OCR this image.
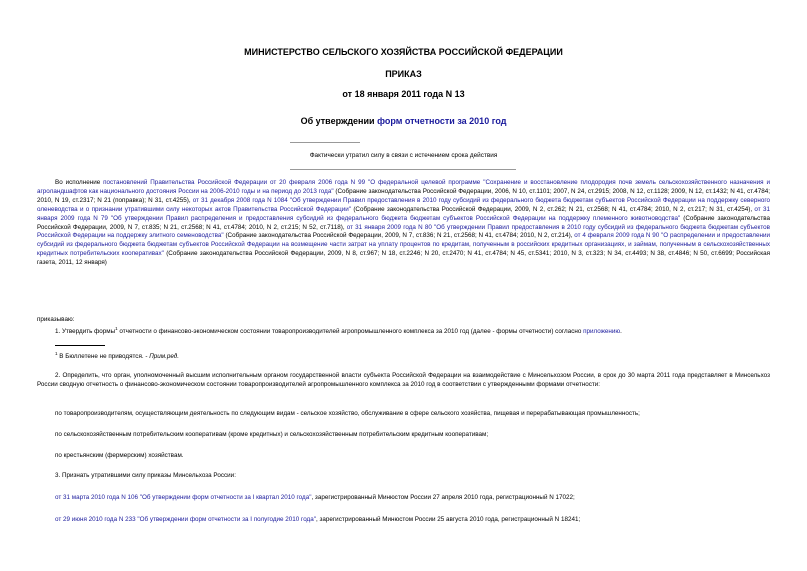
МИНИСТЕРСТВО СЕЛЬСКОГО ХОЗЯЙСТВА РОССИЙСКОЙ ФЕДЕРАЦИИ
ПРИКАЗ
от 18 января 2011 года N 13
Об утверждении форм отчетности за 2010 год
Фактически утратил силу в связи с истечением срока действия
Во исполнение постановлений Правительства Российской Федерации от 20 февраля 2006 года N 99 "О федеральной целевой программе "Сохранение и восстановление плодородия почв земель сельскохозяйственного назначения и агроландшафтов как национального достояния России на 2006-2010 годы и на период до 2013 года" (Собрание законодательства Российской Федерации, 2006, N 10, ст.1101; 2007, N 24, ст.2915; 2008, N 12, ст.1128; 2009, N 12, ст.1432; N 41, ст.4784; 2010, N 19, ст.2317; N 21 (поправка); N 31, ст.4255), от 31 декабря 2008 года N 1084 "Об утверждении Правил предоставления в 2010 году субсидий из федерального бюджета бюджетам субъектов Российской Федерации на поддержку северного оленеводства и о признании утратившими силу некоторых актов Правительства Российской Федерации" (Собрание законодательства Российской Федерации, 2009, N 2, ст.262; N 21, ст.2568; N 41, ст.4784; 2010, N 2, ст.217; N 31, ст.4254), от 31 января 2009 года N 79 "Об утверждении Правил распределения и предоставления субсидий из федерального бюджета бюджетам субъектов Российской Федерации на поддержку племенного животноводства" (Собрание законодательства Российской Федерации, 2009, N 7, ст.835; N 21, ст.2568; N 41, ст.4784; 2010, N 2, ст.215; N 52, ст.7118), от 31 января 2009 года N 80 "Об утверждении Правил предоставления в 2010 году субсидий из федерального бюджета бюджетам субъектов Российской Федерации на поддержку элитного семеноводства" (Собрание законодательства Российской Федерации, 2009, N 7, ст.836; N 21, ст.2568; N 41, ст.4784; 2010, N 2, ст.214), от 4 февраля 2009 года N 90 "О распределении и предоставлении субсидий из федерального бюджета бюджетам субъектов Российской Федерации на возмещение части затрат на уплату процентов по кредитам, полученным в российских кредитных организациях, и займам, полученным в сельскохозяйственных кредитных потребительских кооперативах" (Собрание законодательства Российской Федерации, 2009, N 8, ст.967; N 18, ст.2246; N 20, ст.2470; N 41, ст.4784; N 45, ст.5341; 2010, N 3, ст.323; N 34, ст.4493; N 38, ст.4846; N 50, ст.6699; Российская газета, 2011, 12 января)
приказываю:
1. Утвердить формы$^1$ отчетности о финансово-экономическом состоянии товаропроизводителей агропромышленного комплекса за 2010 год (далее - формы отчетности) согласно приложению.
$^1$ В Бюллетене не приводятся. - Прим.ред.
2. Определить, что орган, уполномоченный высшим исполнительным органом государственной власти субъекта Российской Федерации на взаимодействие с Минсельхозом России, в срок до 30 марта 2011 года представляет в Минсельхоз России сводную отчетность о финансово-экономическом состоянии товаропроизводителей агропромышленного комплекса за 2010 год в соответствии с утвержденными формами отчетности:
по товаропроизводителям, осуществляющим деятельность по следующим видам - сельское хозяйство, обслуживание в сфере сельского хозяйства, пищевая и перерабатывающая промышленность;
по сельскохозяйственным потребительским кооперативам (кроме кредитных) и сельскохозяйственным потребительским кредитным кооперативам;
по крестьянским (фермерским) хозяйствам.
3. Признать утратившими силу приказы Минсельхоза России:
от 31 марта 2010 года N 106 "Об утверждении форм отчетности за I квартал 2010 года", зарегистрированный Минюстом России 27 апреля 2010 года, регистрационный N 17022;
от 29 июня 2010 года N 233 "Об утверждении форм отчетности за I полугодие 2010 года", зарегистрированный Минюстом России 25 августа 2010 года, регистрационный N 18241;
